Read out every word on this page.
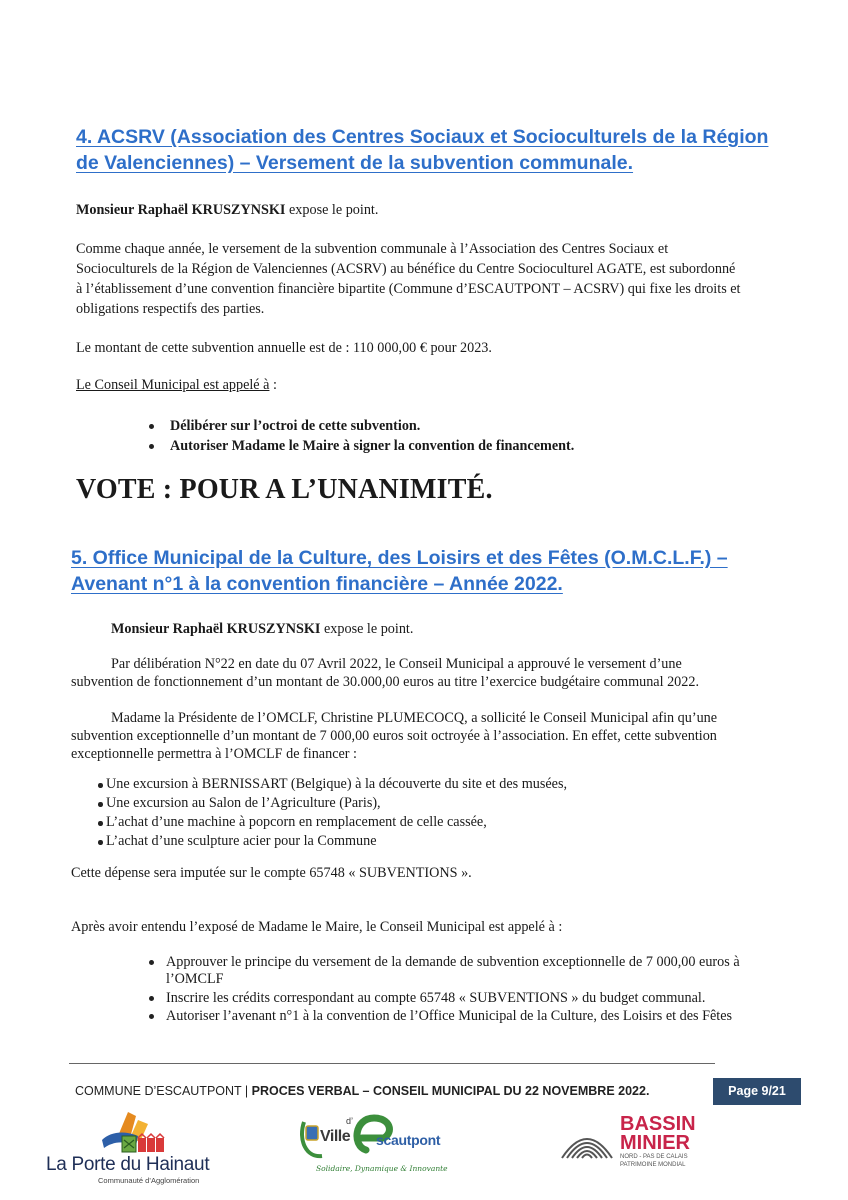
4. ACSRV (Association des Centres Sociaux et Socioculturels de la Région
de Valenciennes) – Versement de la subvention communale.
Monsieur Raphaël KRUSZYNSKI expose le point.
Comme chaque année, le versement de la subvention communale à l’Association des Centres Sociaux et
Socioculturels de la Région de Valenciennes (ACSRV) au bénéfice du Centre Socioculturel AGATE, est subordonné
à l’établissement d’une convention financière bipartite (Commune d’ESCAUTPONT – ACSRV) qui fixe les droits et
obligations respectifs des parties.
Le montant de cette subvention annuelle est de : 110 000,00 € pour 2023.
Le Conseil Municipal est appelé à :
Délibérer sur l’octroi de cette subvention.
Autoriser Madame le Maire à signer la convention de financement.
VOTE : POUR A L’UNANIMITÉ.
5. Office Municipal de la Culture, des Loisirs et des Fêtes (O.M.C.L.F.) –
Avenant n°1 à la convention financière – Année 2022.
Monsieur Raphaël KRUSZYNSKI expose le point.
Par délibération N°22 en date du 07 Avril 2022, le Conseil Municipal a approuvé le versement d’une
subvention de fonctionnement d’un montant de 30.000,00 euros au titre l’exercice budgétaire communal 2022.
Madame la Présidente de l’OMCLF, Christine PLUMECOCQ, a sollicité le Conseil Municipal afin qu’une
subvention exceptionnelle d’un montant de 7 000,00 euros soit octroyée à l’association. En effet, cette subvention
exceptionnelle permettra à l’OMCLF de financer :
Une excursion à BERNISSART (Belgique) à la découverte du site et des musées,
Une excursion au Salon de l’Agriculture (Paris),
L’achat d’une machine à popcorn en remplacement de celle cassée,
L’achat d’une sculpture acier pour la Commune
Cette dépense sera imputée sur le compte 65748 « SUBVENTIONS ».
Après avoir entendu l’exposé de Madame le Maire, le Conseil Municipal est appelé à :
Approuver le principe du versement de la demande de subvention exceptionnelle de 7 000,00 euros à
l’OMCLF
Inscrire les crédits correspondant au compte 65748 « SUBVENTIONS » du budget communal.
Autoriser l’avenant n°1 à la convention de l’Office Municipal de la Culture, des Loisirs et des Fêtes
COMMUNE D’ESCAUTPONT | PROCES VERBAL – CONSEIL MUNICIPAL DU 22 NOVEMBRE 2022.	Page 9/21
La Porte du Hainaut
Communauté d’Agglomération
Ville
d’
scautpont
Solidaire, Dynamique & Innovante
BASSIN
MINIER
NORD - PAS DE CALAIS
PATRIMOINE MONDIAL
